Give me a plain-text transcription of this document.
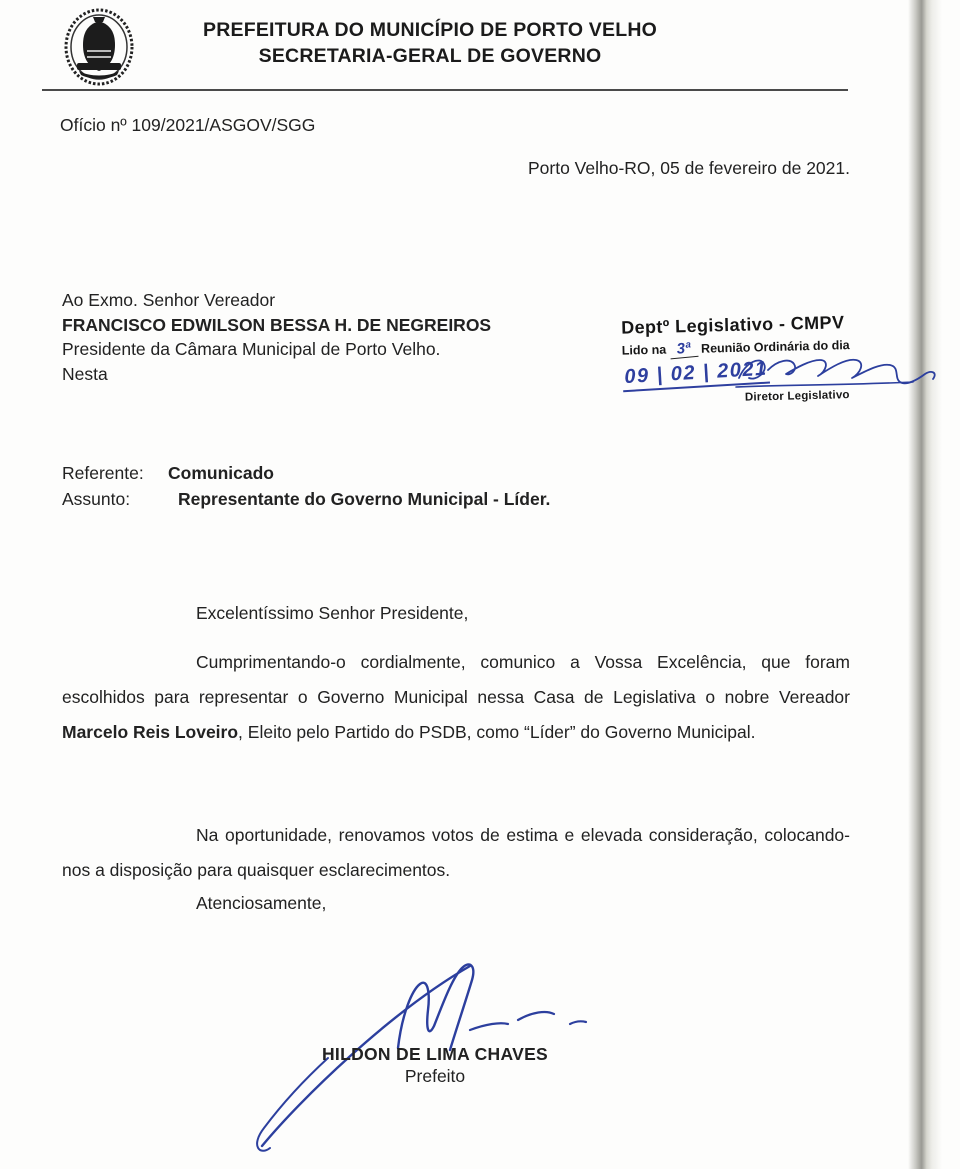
PREFEITURA DO MUNICÍPIO DE PORTO VELHO
SECRETARIA-GERAL DE GOVERNO
Ofício nº 109/2021/ASGOV/SGG
Porto Velho-RO, 05 de fevereiro de 2021.
Ao Exmo. Senhor Vereador
FRANCISCO EDWILSON BESSA H. DE NEGREIROS
Presidente da Câmara Municipal de Porto Velho.
Nesta
Deptº Legislativo - CMPV
Lido na 3ª Reunião Ordinária do dia
09 | 02 | 2021
Diretor Legislativo
Referente:	Comunicado
Assunto:	Representante do Governo Municipal - Líder.
Excelentíssimo Senhor Presidente,
Cumprimentando-o cordialmente, comunico a Vossa Excelência, que foram escolhidos para representar o Governo Municipal nessa Casa de Legislativa o nobre Vereador Marcelo Reis Loveiro, Eleito pelo Partido do PSDB, como “Líder” do Governo Municipal.
Na oportunidade, renovamos votos de estima e elevada consideração, colocando-nos a disposição para quaisquer esclarecimentos.
Atenciosamente,
HILDON DE LIMA CHAVES
Prefeito
